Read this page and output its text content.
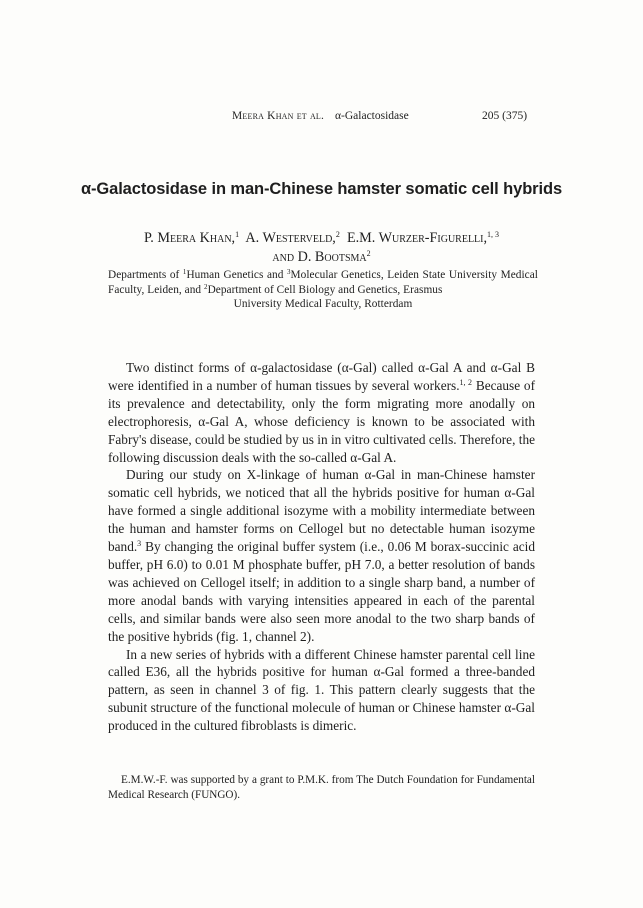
Meera Khan et al. α-Galactosidase	205 (375)
α-Galactosidase in man-Chinese hamster somatic cell hybrids
P. Meera Khan,$^1$ A. Westerveld,$^2$ E.M. Wurzer-Figurelli,$^{1, 3}$
and D. Bootsma$^2$
Departments of $^1$Human Genetics and $^3$Molecular Genetics, Leiden State University Medical Faculty, Leiden, and $^2$Department of Cell Biology and Genetics, Erasmus
University Medical Faculty, Rotterdam

Two distinct forms of α-galactosidase (α-Gal) called α-Gal A and α-Gal B were identified in a number of human tissues by several workers.$^{1, 2}$ Because of its prevalence and detectability, only the form migrating more anodally on electrophoresis, α-Gal A, whose deficiency is known to be associated with Fabry's disease, could be studied by us in in vitro cultivated cells. Therefore, the following discussion deals with the so-called α-Gal A.

During our study on X-linkage of human α-Gal in man-Chinese hamster somatic cell hybrids, we noticed that all the hybrids positive for human α-Gal have formed a single additional isozyme with a mobility intermediate between the human and hamster forms on Cellogel but no detectable human isozyme band.$^3$ By changing the original buffer system (i.e., 0.06 M borax-succinic acid buffer, pH 6.0) to 0.01 M phosphate buffer, pH 7.0, a better resolution of bands was achieved on Cellogel itself; in addition to a single sharp band, a number of more anodal bands with varying intensities appeared in each of the parental cells, and similar bands were also seen more anodal to the two sharp bands of the positive hybrids (fig. 1, channel 2).

In a new series of hybrids with a different Chinese hamster parental cell line called E36, all the hybrids positive for human α-Gal formed a three-banded pattern, as seen in channel 3 of fig. 1. This pattern clearly suggests that the subunit structure of the functional molecule of human or Chinese hamster α-Gal produced in the cultured fibroblasts is dimeric.

E.M.W.-F. was supported by a grant to P.M.K. from The Dutch Foundation for Fundamental Medical Research (FUNGO).
